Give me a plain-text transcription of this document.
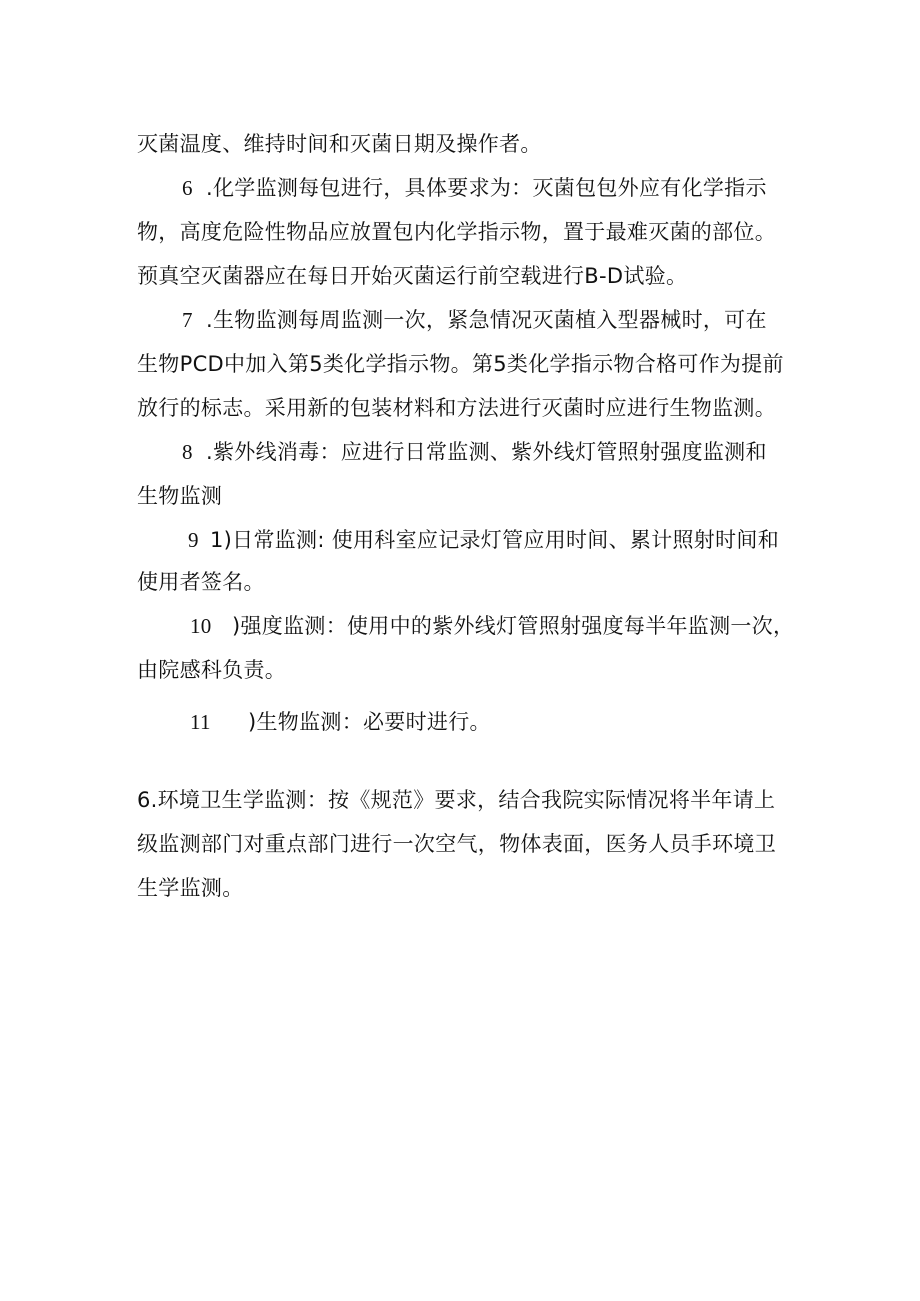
灭菌温度、维持时间和灭菌日期及操作者。
6 .化学监测每包进行，具体要求为：灭菌包包外应有化学指示
物，高度危险性物品应放置包内化学指示物，置于最难灭菌的部位。
预真空灭菌器应在每日开始灭菌运行前空载进行B-D试验。
7 .生物监测每周监测一次，紧急情况灭菌植入型器械时，可在
生物PCD中加入第5类化学指示物。第5类化学指示物合格可作为提前
放行的标志。采用新的包装材料和方法进行灭菌时应进行生物监测。
8 .紫外线消毒：应进行日常监测、紫外线灯管照射强度监测和
生物监测
9 1)日常监测: 使用科室应记录灯管应用时间、累计照射时间和
使用者签名。
10 )强度监测：使用中的紫外线灯管照射强度每半年监测一次，
由院感科负责。
11 )生物监测：必要时进行。
6.环境卫生学监测：按《规范》要求，结合我院实际情况将半年请上
级监测部门对重点部门进行一次空气，物体表面，医务人员手环境卫
生学监测。
